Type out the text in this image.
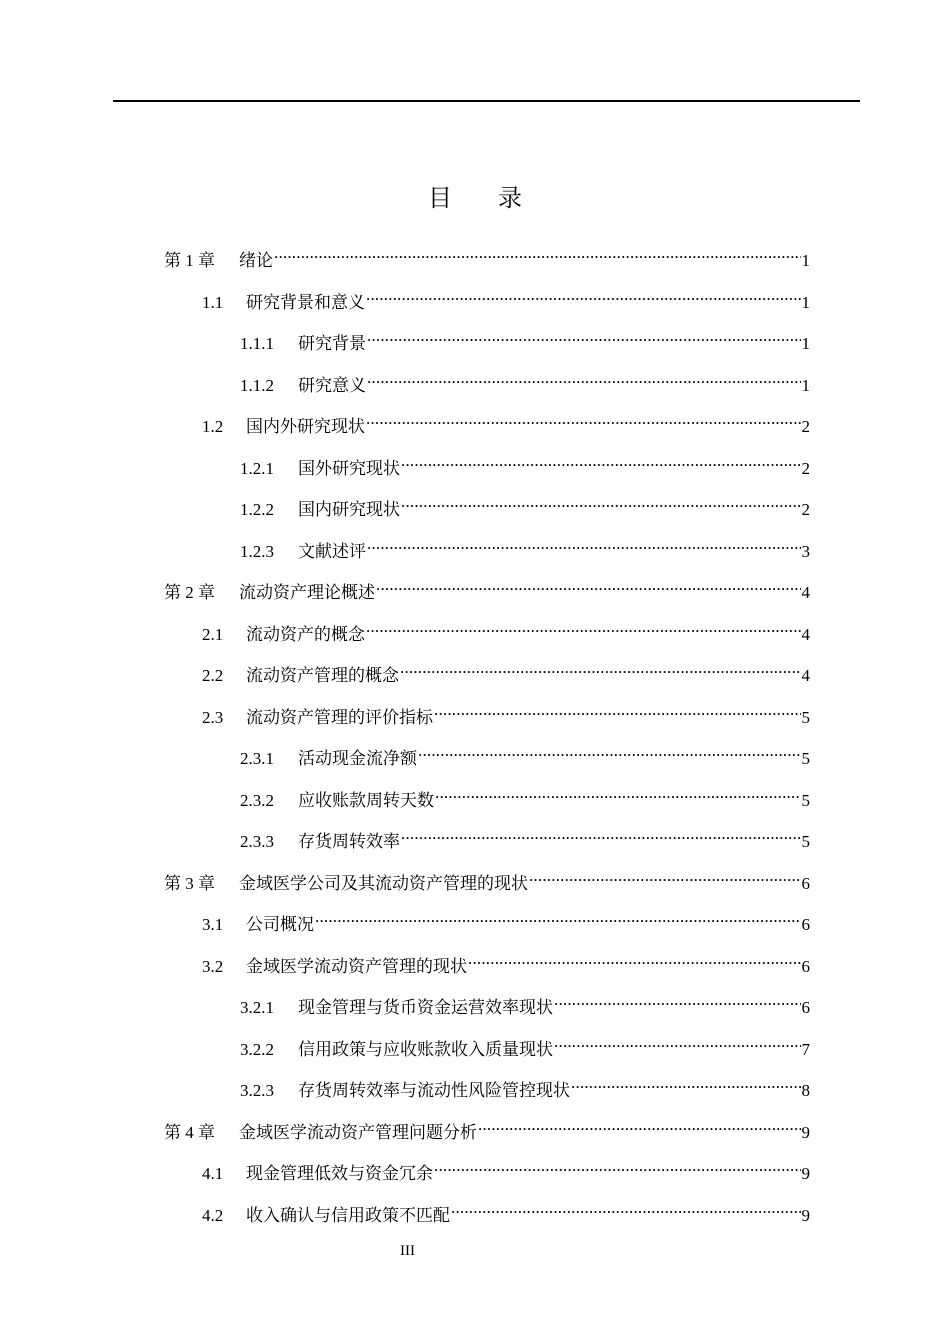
目 录
第 1 章	绪论 .....	1
1.1	研究背景和意义 .....	1
1.1.1	研究背景 .....	1
1.1.2	研究意义 .....	1
1.2	国内外研究现状 .....	2
1.2.1	国外研究现状 .....	2
1.2.2	国内研究现状 .....	2
1.2.3	文献述评 .....	3
第 2 章	流动资产理论概述 .....	4
2.1	流动资产的概念 .....	4
2.2	流动资产管理的概念 .....	4
2.3	流动资产管理的评价指标 .....	5
2.3.1	活动现金流净额 .....	5
2.3.2	应收账款周转天数 .....	5
2.3.3	存货周转效率 .....	5
第 3 章	金域医学公司及其流动资产管理的现状 .....	6
3.1	公司概况 .....	6
3.2	金域医学流动资产管理的现状 .....	6
3.2.1	现金管理与货币资金运营效率现状 .....	6
3.2.2	信用政策与应收账款收入质量现状 .....	7
3.2.3	存货周转效率与流动性风险管控现状 .....	8
第 4 章	金域医学流动资产管理问题分析 .....	9
4.1	现金管理低效与资金冗余 .....	9
4.2	收入确认与信用政策不匹配 .....	9
III
